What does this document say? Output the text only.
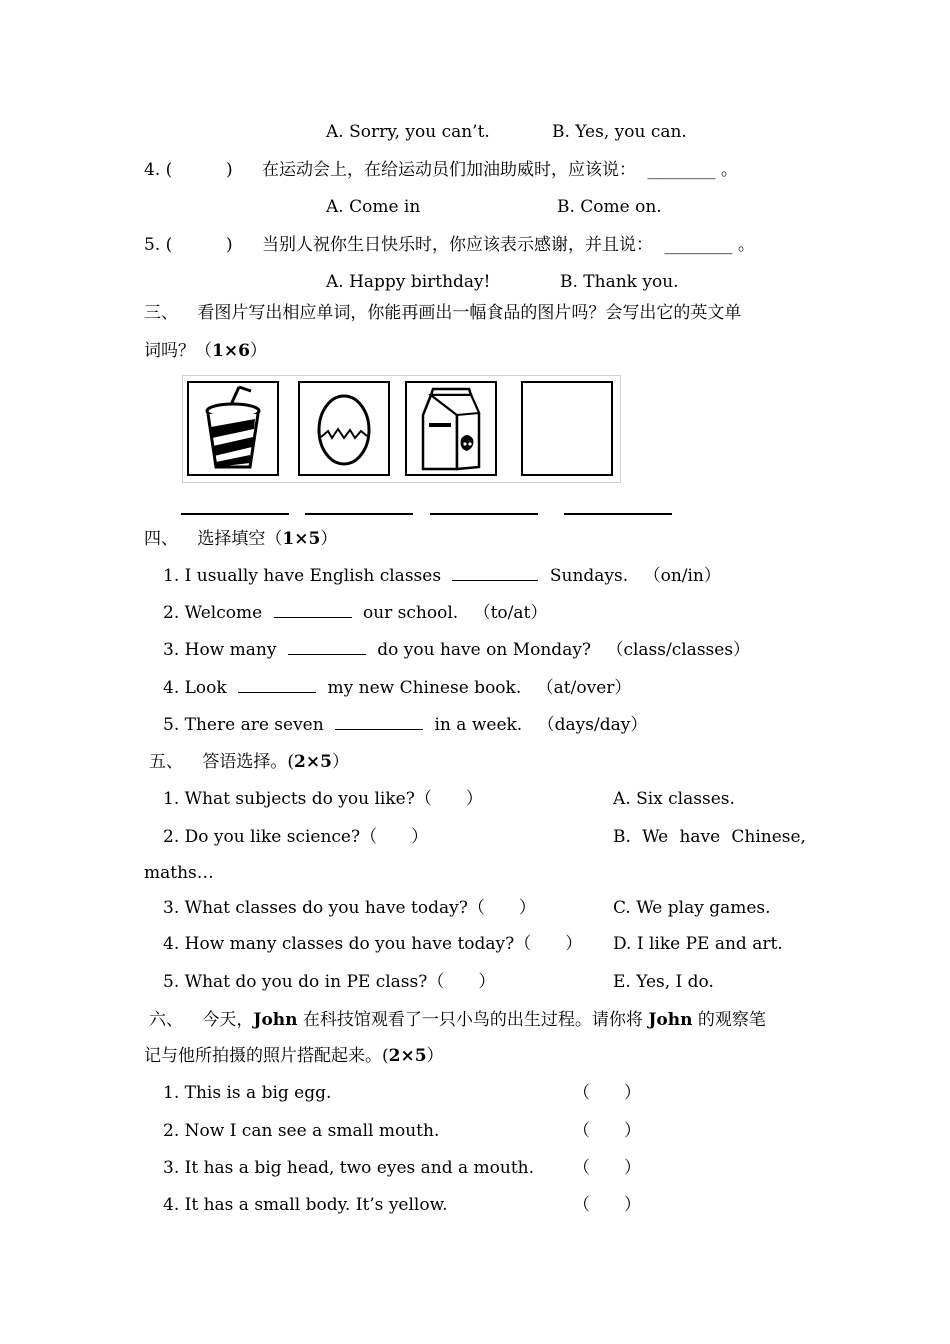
A. Sorry, you can’t.	B. Yes, you can.
4. (	) 在运动会上，在给运动员们加油助威时，应该说： ________ 。
A. Come in	B. Come on.
5. (	) 当别人祝你生日快乐时，你应该表示感谢，并且说： ________ 。
A. Happy birthday!	B. Thank you.
三、 看图片写出相应单词，你能再画出一幅食品的图片吗？会写出它的英文单
词吗？（1×6）
四、 选择填空（1×5）
1. I usually have English classes	Sundays. （on/in）
2. Welcome	our school. （to/at）
3. How many	do you have on Monday? （class/classes）
4. Look	my new Chinese book. （at/over）
5. There are seven	in a week. （days/day）
五、 答语选择。(2×5）
1. What subjects do you like?（　　）	A. Six classes.
2. Do you like science?（　　）	B. We have Chinese,
maths…
3. What classes do you have today?（　　）	C. We play games.
4. How many classes do you have today?（　　） D. I like PE and art.
5. What do you do in PE class?（　　）	E. Yes, I do.
六、 今天，John 在科技馆观看了一只小鸟的出生过程。请你将 John 的观察笔
记与他所拍摄的照片搭配起来。(2×5）
1. This is a big egg.	（　　）
2. Now I can see a small mouth.	（　　）
3. It has a big head, two eyes and a mouth. （　　）
4. It has a small body. It’s yellow.	（　　）
